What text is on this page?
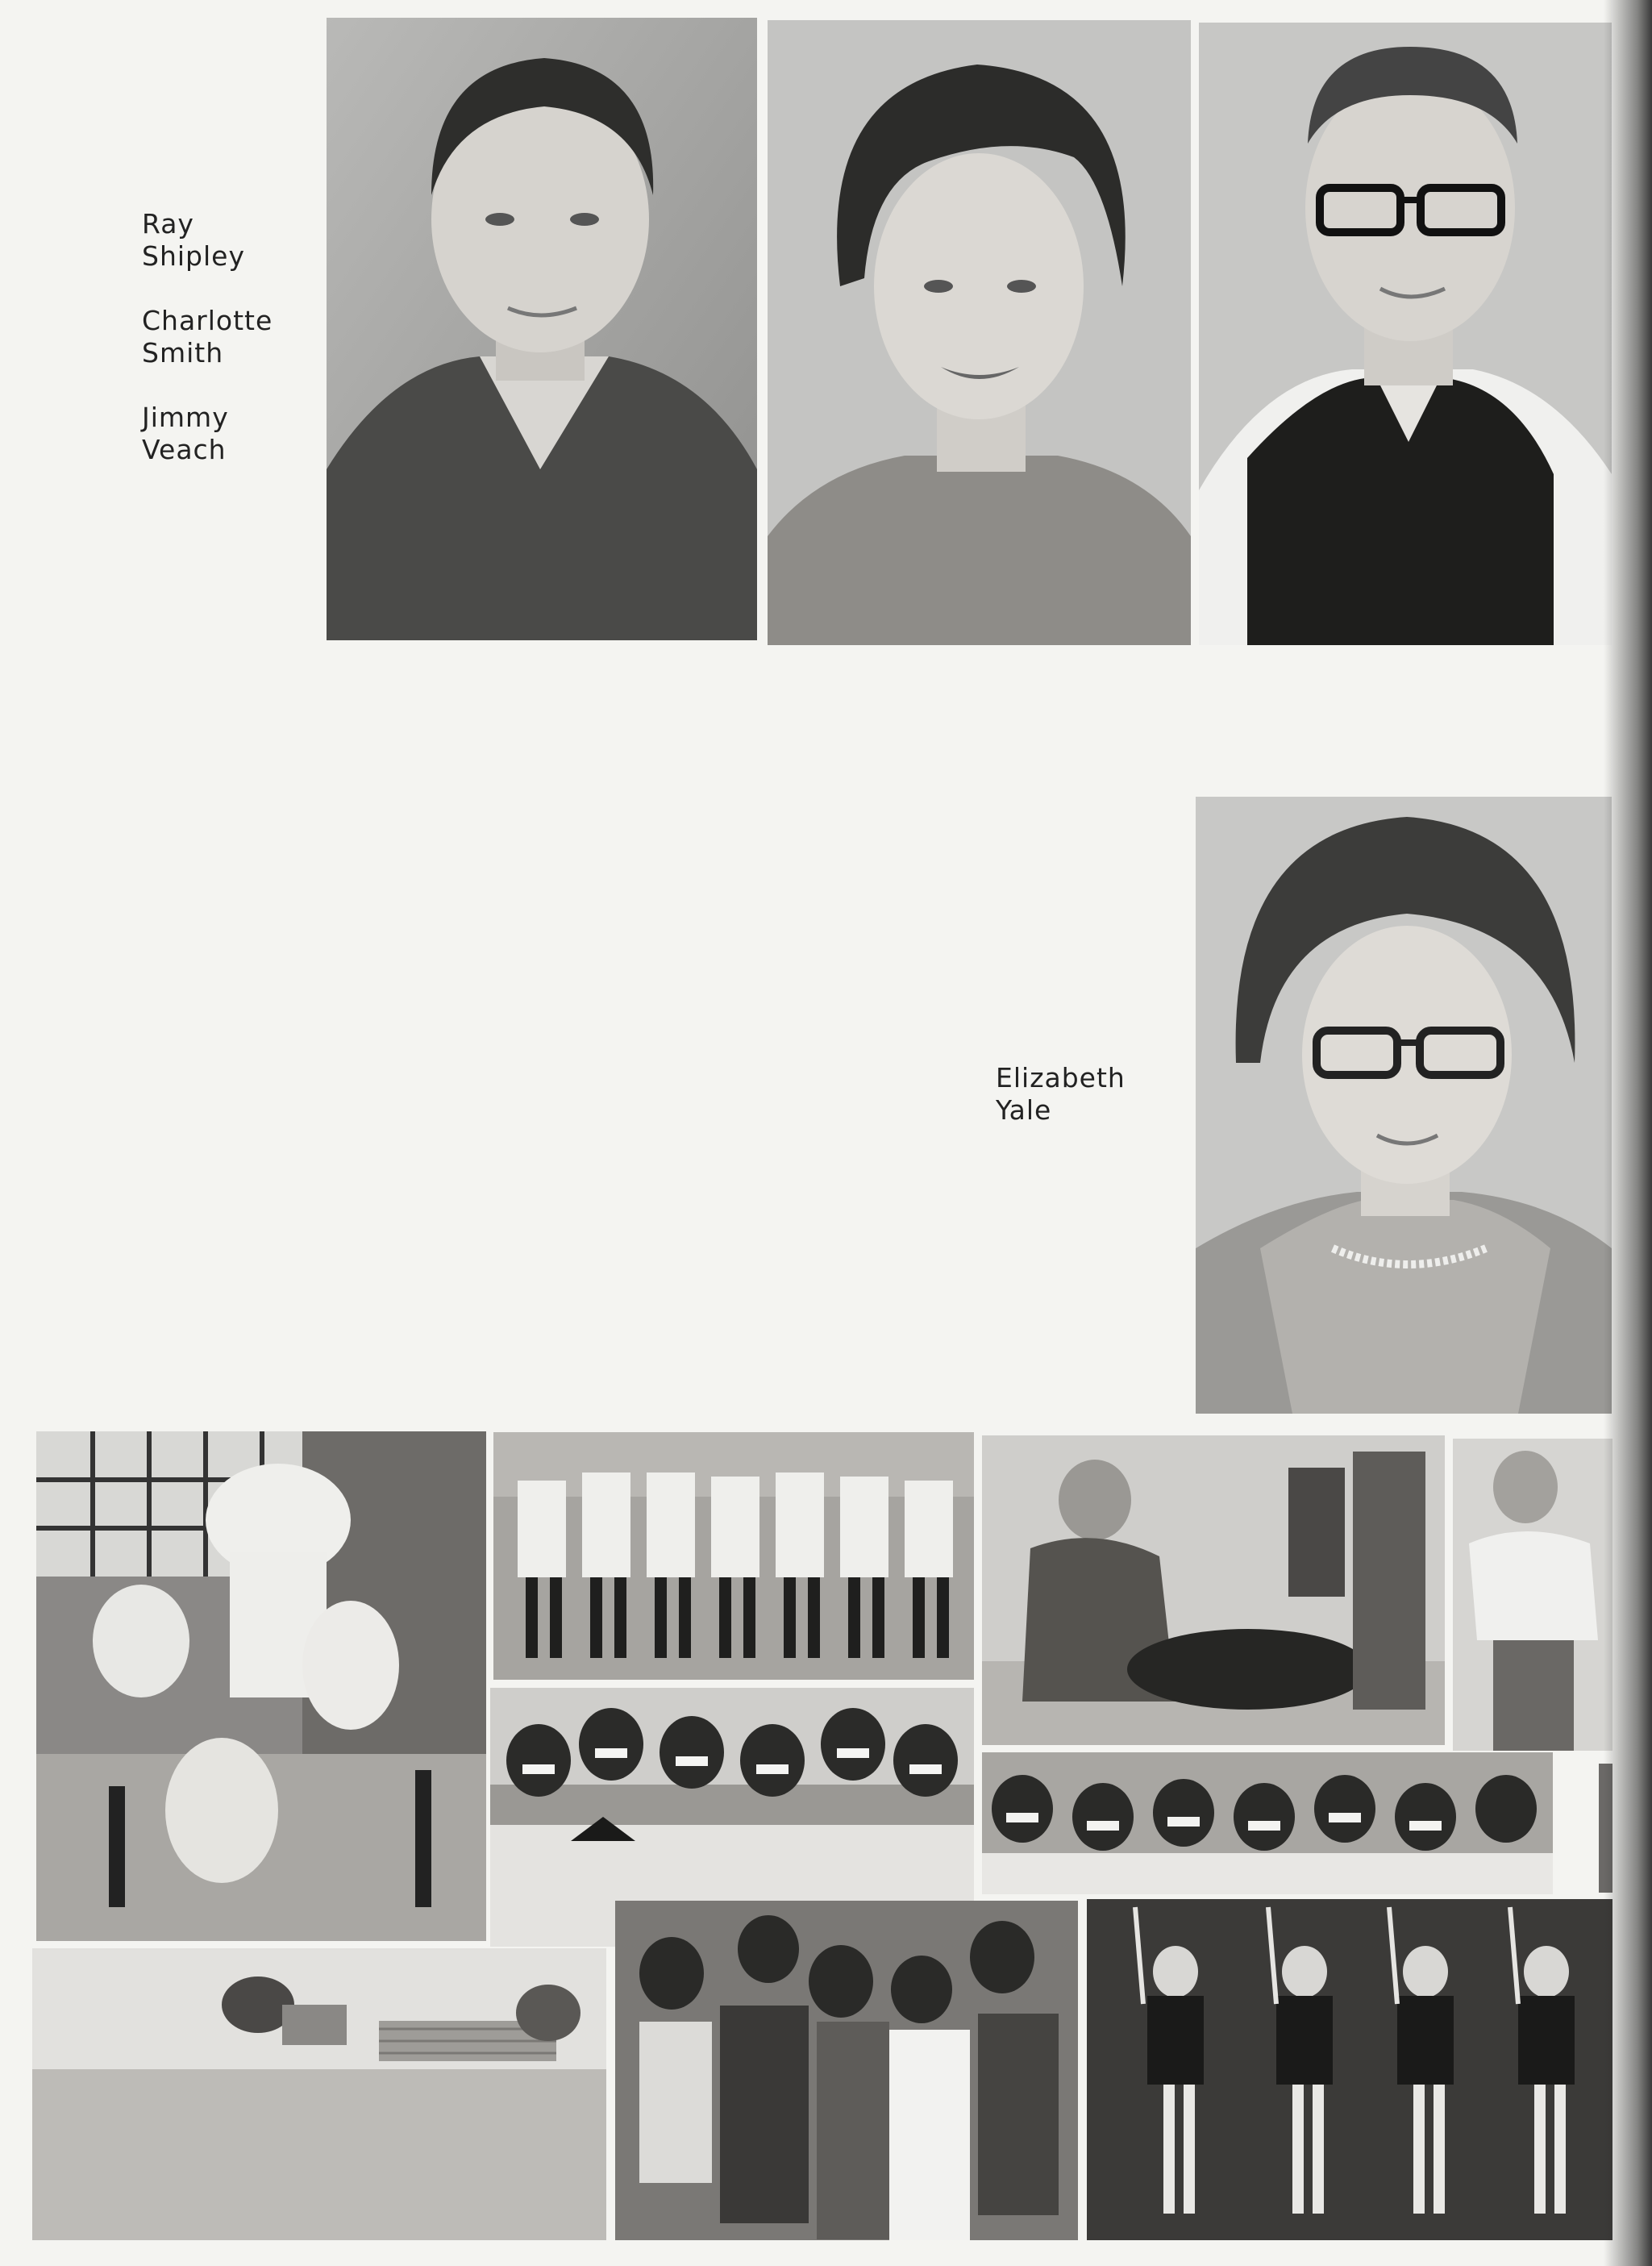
Ray
Shipley
Charlotte
Smith
Jimmy
Veach
Elizabeth
Yale
